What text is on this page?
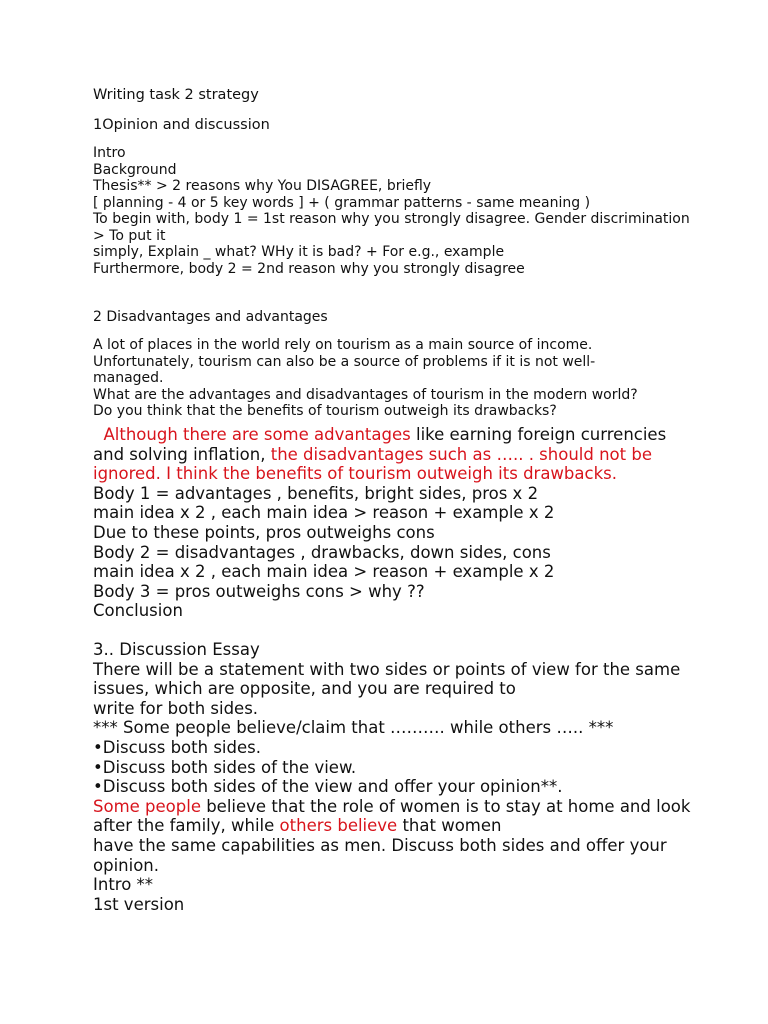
Writing task 2 strategy
1Opinion and discussion
Intro
Background
Thesis** > 2 reasons why You DISAGREE, briefly
[ planning - 4 or 5 key words ] + ( grammar patterns - same meaning )
To begin with, body 1 = 1st reason why you strongly disagree. Gender discrimination
> To put it
simply, Explain _ what? WHy it is bad? + For e.g., example
Furthermore, body 2 = 2nd reason why you strongly disagree
2 Disadvantages and advantages
A lot of places in the world rely on tourism as a main source of income.
Unfortunately, tourism can also be a source of problems if it is not well-
managed.
What are the advantages and disadvantages of tourism in the modern world?
Do you think that the benefits of tourism outweigh its drawbacks?
Although there are some advantages like earning foreign currencies
and solving inflation, the disadvantages such as ….. . should not be
ignored. I think the benefits of tourism outweigh its drawbacks.
Body 1 = advantages , benefits, bright sides, pros x 2
main idea x 2 , each main idea > reason + example x 2
Due to these points, pros outweighs cons
Body 2 = disadvantages , drawbacks, down sides, cons
main idea x 2 , each main idea > reason + example x 2
Body 3 = pros outweighs cons > why ??
Conclusion
3.. Discussion Essay
There will be a statement with two sides or points of view for the same
issues, which are opposite, and you are required to
write for both sides.
*** Some people believe/claim that ………. while others ….. ***
•Discuss both sides.
•Discuss both sides of the view.
•Discuss both sides of the view and offer your opinion**.
Some people believe that the role of women is to stay at home and look
after the family, while others believe that women
have the same capabilities as men. Discuss both sides and offer your
opinion.
Intro **
1st version
